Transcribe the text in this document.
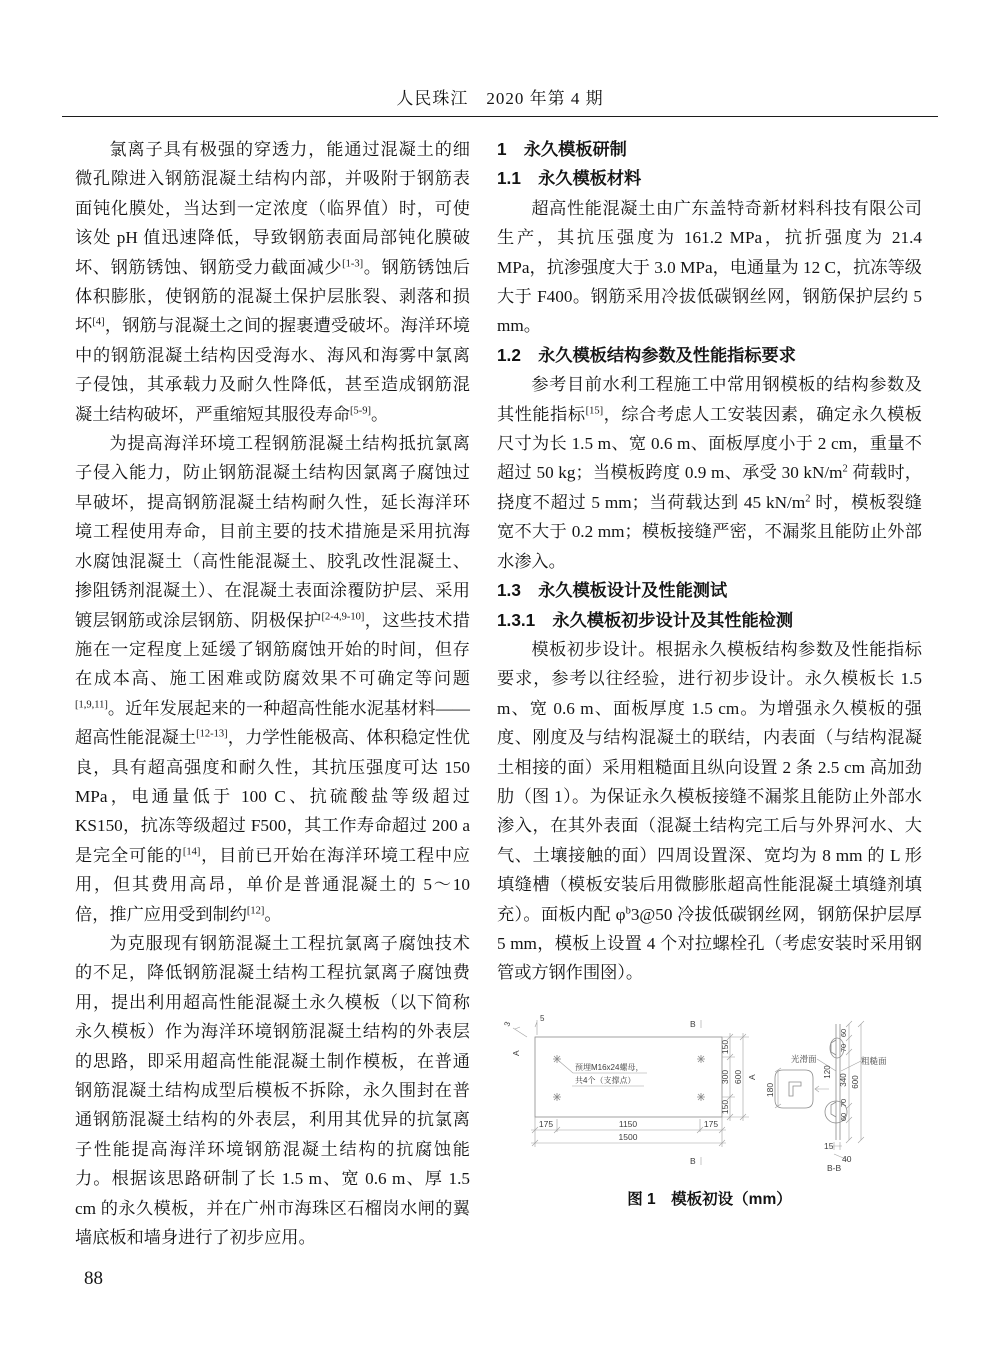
人民珠江　2020 年第 4 期

氯离子具有极强的穿透力，能通过混凝土的细微孔隙进入钢筋混凝土结构内部，并吸附于钢筋表面钝化膜处，当达到一定浓度（临界值）时，可使该处 pH 值迅速降低，导致钢筋表面局部钝化膜破坏、钢筋锈蚀、钢筋受力截面减少[1-3]。钢筋锈蚀后体积膨胀，使钢筋的混凝土保护层胀裂、剥落和损坏[4]，钢筋与混凝土之间的握裹遭受破坏。海洋环境中的钢筋混凝土结构因受海水、海风和海雾中氯离子侵蚀，其承载力及耐久性降低，甚至造成钢筋混凝土结构破坏，严重缩短其服役寿命[5-9]。

为提高海洋环境工程钢筋混凝土结构抵抗氯离子侵入能力，防止钢筋混凝土结构因氯离子腐蚀过早破坏，提高钢筋混凝土结构耐久性，延长海洋环境工程使用寿命，目前主要的技术措施是采用抗海水腐蚀混凝土（高性能混凝土、胶乳改性混凝土、掺阻锈剂混凝土）、在混凝土表面涂覆防护层、采用镀层钢筋或涂层钢筋、阴极保护[2-4,9-10]，这些技术措施在一定程度上延缓了钢筋腐蚀开始的时间，但存在成本高、施工困难或防腐效果不可确定等问题[1,9,11]。近年发展起来的一种超高性能水泥基材料——超高性能混凝土[12-13]，力学性能极高、体积稳定性优良，具有超高强度和耐久性，其抗压强度可达 150 MPa，电通量低于 100 C、抗硫酸盐等级超过 KS150，抗冻等级超过 F500，其工作寿命超过 200 a 是完全可能的[14]，目前已开始在海洋环境工程中应用，但其费用高昂，单价是普通混凝土的 5～10 倍，推广应用受到制约[12]。

为克服现有钢筋混凝土工程抗氯离子腐蚀技术的不足，降低钢筋混凝土结构工程抗氯离子腐蚀费用，提出利用超高性能混凝土永久模板（以下简称永久模板）作为海洋环境钢筋混凝土结构的外表层的思路，即采用超高性能混凝土制作模板，在普通钢筋混凝土结构成型后模板不拆除，永久围封在普通钢筋混凝土结构的外表层，利用其优异的抗氯离子性能提高海洋环境钢筋混凝土结构的抗腐蚀能力。根据该思路研制了长 1.5 m、宽 0.6 m、厚 1.5 cm 的永久模板，并在广州市海珠区石榴岗水闸的翼墙底板和墙身进行了初步应用。

1　永久模板研制
1.1　永久模板材料

超高性能混凝土由广东盖特奇新材料科技有限公司生产，其抗压强度为 161.2 MPa，抗折强度为 21.4 MPa，抗渗强度大于 3.0 MPa，电通量为 12 C，抗冻等级大于 F400。钢筋采用冷拔低碳钢丝网，钢筋保护层约 5 mm。

1.2　永久模板结构参数及性能指标要求

参考目前水利工程施工中常用钢模板的结构参数及其性能指标[15]，综合考虑人工安装因素，确定永久模板尺寸为长 1.5 m、宽 0.6 m、面板厚度小于 2 cm，重量不超过 50 kg；当模板跨度 0.9 m、承受 30 $kN/m^2$ 荷载时，挠度不超过 5 mm；当荷载达到 45 $kN/m^2$ 时，模板裂缝宽不大于 0.2 mm；模板接缝严密，不漏浆且能防止外部水渗入。

1.3　永久模板设计及性能测试
1.3.1　永久模板初步设计及其性能检测

模板初步设计。根据永久模板结构参数及性能指标要求，参考以往经验，进行初步设计。永久模板长 1.5 m、宽 0.6 m、面板厚度 1.5 cm。为增强永久模板的强度、刚度及与结构混凝土的联结，内表面（与结构混凝土相接的面）采用粗糙面且纵向设置 2 条 2.5 cm 高加劲肋（图 1）。为保证永久模板接缝不漏浆且能防止外部水渗入，在其外表面（混凝土结构完工后与外界河水、大气、土壤接触的面）四周设置深、宽均为 8 mm 的 L 形填缝槽（模板安装后用微膨胀超高性能混凝土填缝剂填充）。面板内配 $\varphi^b3@50$ 冷拔低碳钢丝网，钢筋保护层厚 5 mm，模板上设置 4 个对拉螺栓孔（考虑安装时采用钢管或方钢作围囹）。

5
3	B
B
A
A
预埋M16x24螺母，
共4个（支撑点）
175	1150	175
1500
150
300
150
600
180
光滑面	粗糙面
60
70
120
340 600
70
60
15
40
B-B
图 1　模板初设（mm）
88
